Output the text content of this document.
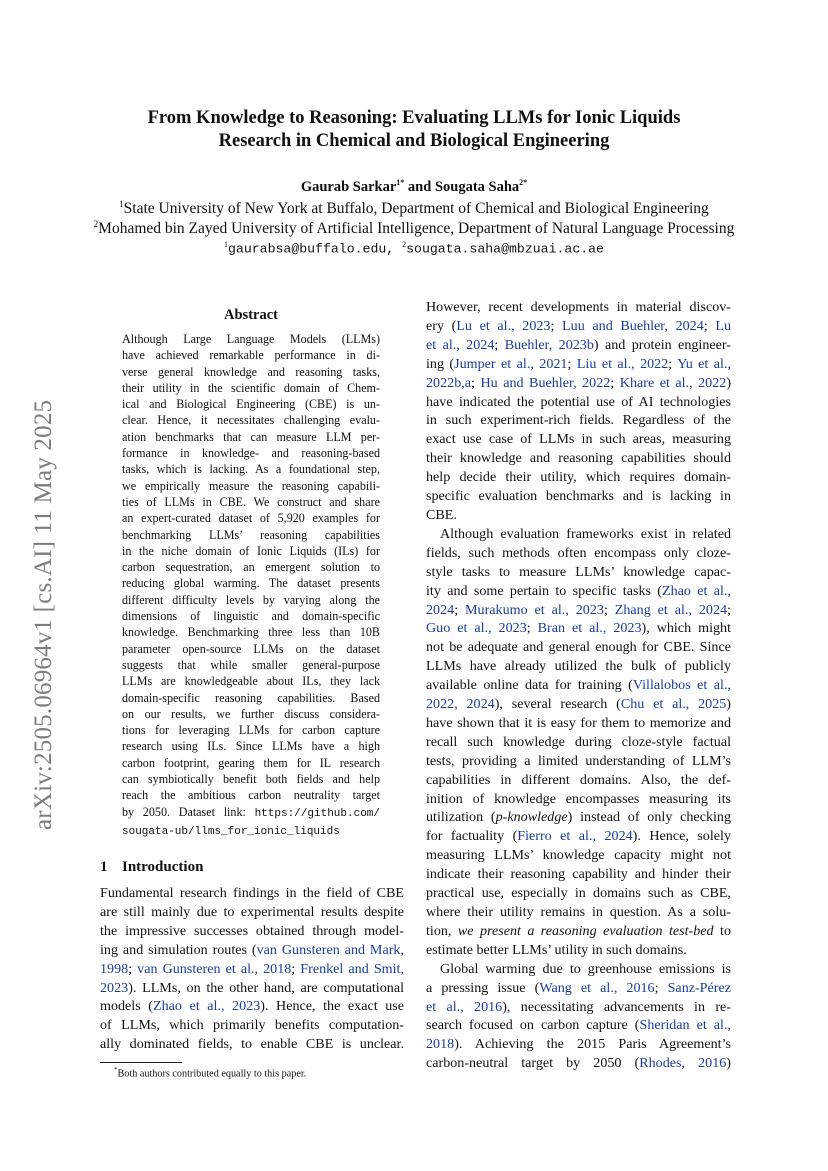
arXiv:2505.06964v1 [cs.AI] 11 May 2025
From Knowledge to Reasoning: Evaluating LLMs for Ionic Liquids
Research in Chemical and Biological Engineering
Gaurab Sarkar$^{1*}$ and Sougata Saha$^{2*}$
$^1$State University of New York at Buffalo, Department of Chemical and Biological Engineering
$^2$Mohamed bin Zayed University of Artificial Intelligence, Department of Natural Language Processing
$^1$gaurabsa@buffalo.edu, $^2$sougata.saha@mbzuai.ac.ae
Abstract
Although Large Language Models (LLMs)
have achieved remarkable performance in di-
verse general knowledge and reasoning tasks,
their utility in the scientific domain of Chem-
ical and Biological Engineering (CBE) is un-
clear. Hence, it necessitates challenging evalu-
ation benchmarks that can measure LLM per-
formance in knowledge- and reasoning-based
tasks, which is lacking. As a foundational step,
we empirically measure the reasoning capabili-
ties of LLMs in CBE. We construct and share
an expert-curated dataset of 5,920 examples for
benchmarking LLMs’ reasoning capabilities
in the niche domain of Ionic Liquids (ILs) for
carbon sequestration, an emergent solution to
reducing global warming. The dataset presents
different difficulty levels by varying along the
dimensions of linguistic and domain-specific
knowledge. Benchmarking three less than 10B
parameter open-source LLMs on the dataset
suggests that while smaller general-purpose
LLMs are knowledgeable about ILs, they lack
domain-specific reasoning capabilities. Based
on our results, we further discuss considera-
tions for leveraging LLMs for carbon capture
research using ILs. Since LLMs have a high
carbon footprint, gearing them for IL research
can symbiotically benefit both fields and help
reach the ambitious carbon neutrality target
by 2050. Dataset link: https://github.com/
sougata-ub/llms_for_ionic_liquids
1 Introduction
Fundamental research findings in the field of CBE
are still mainly due to experimental results despite
the impressive successes obtained through model-
ing and simulation routes (van Gunsteren and Mark,
1998; van Gunsteren et al., 2018; Frenkel and Smit,
2023). LLMs, on the other hand, are computational
models (Zhao et al., 2023). Hence, the exact use
of LLMs, which primarily benefits computation-
ally dominated fields, to enable CBE is unclear.
*Both authors contributed equally to this paper.
However, recent developments in material discov-
ery (Lu et al., 2023; Luu and Buehler, 2024; Lu
et al., 2024; Buehler, 2023b) and protein engineer-
ing (Jumper et al., 2021; Liu et al., 2022; Yu et al.,
2022b,a; Hu and Buehler, 2022; Khare et al., 2022)
have indicated the potential use of AI technologies
in such experiment-rich fields. Regardless of the
exact use case of LLMs in such areas, measuring
their knowledge and reasoning capabilities should
help decide their utility, which requires domain-
specific evaluation benchmarks and is lacking in
CBE.
Although evaluation frameworks exist in related
fields, such methods often encompass only cloze-
style tasks to measure LLMs’ knowledge capac-
ity and some pertain to specific tasks (Zhao et al.,
2024; Murakumo et al., 2023; Zhang et al., 2024;
Guo et al., 2023; Bran et al., 2023), which might
not be adequate and general enough for CBE. Since
LLMs have already utilized the bulk of publicly
available online data for training (Villalobos et al.,
2022, 2024), several research (Chu et al., 2025)
have shown that it is easy for them to memorize and
recall such knowledge during cloze-style factual
tests, providing a limited understanding of LLM’s
capabilities in different domains. Also, the def-
inition of knowledge encompasses measuring its
utilization (p-knowledge) instead of only checking
for factuality (Fierro et al., 2024). Hence, solely
measuring LLMs’ knowledge capacity might not
indicate their reasoning capability and hinder their
practical use, especially in domains such as CBE,
where their utility remains in question. As a solu-
tion, we present a reasoning evaluation test-bed to
estimate better LLMs’ utility in such domains.
Global warming due to greenhouse emissions is
a pressing issue (Wang et al., 2016; Sanz-Pérez
et al., 2016), necessitating advancements in re-
search focused on carbon capture (Sheridan et al.,
2018). Achieving the 2015 Paris Agreement’s
carbon-neutral target by 2050 (Rhodes, 2016)
